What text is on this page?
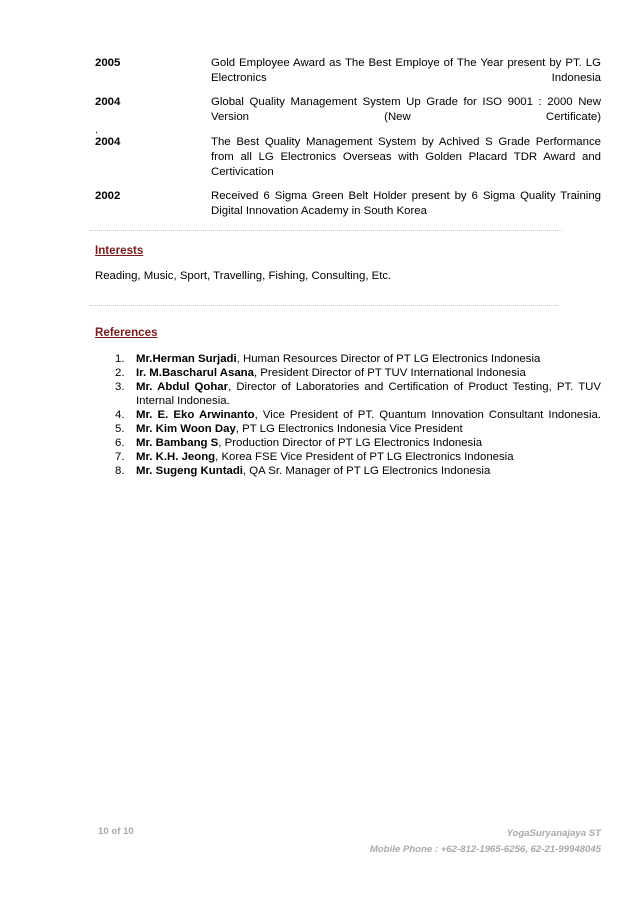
2005	Gold Employee Award as The Best Employe of The Year present by PT. LG Electronics Indonesia
2004	Global Quality Management System Up Grade for ISO 9001 : 2000 New Version (New Certificate)
.
2004	The Best Quality Management System by Achived S Grade Performance from all LG Electronics Overseas with Golden Placard TDR Award and Certivication
2002	Received 6 Sigma Green Belt Holder present by 6 Sigma Quality Training Digital Innovation Academy in South Korea
Interests
Reading, Music, Sport, Travelling, Fishing, Consulting, Etc.
References
1. Mr.Herman Surjadi, Human Resources Director of PT LG Electronics Indonesia
2. Ir. M.Bascharul Asana, President Director of PT TUV International Indonesia
3. Mr. Abdul Qohar, Director of Laboratories and Certification of Product Testing, PT. TUV Internal Indonesia.
4. Mr. E. Eko Arwinanto, Vice President of PT. Quantum Innovation Consultant Indonesia.
5. Mr. Kim Woon Day, PT LG Electronics Indonesia Vice President
6. Mr. Bambang S, Production Director of PT LG Electronics Indonesia
7. Mr. K.H. Jeong, Korea FSE Vice President of PT LG Electronics Indonesia
8. Mr. Sugeng Kuntadi, QA Sr. Manager of PT LG Electronics Indonesia
10 of 10	YogaSuryanajaya ST
Mobile Phone : +62-812-1965-6256, 62-21-99948045
